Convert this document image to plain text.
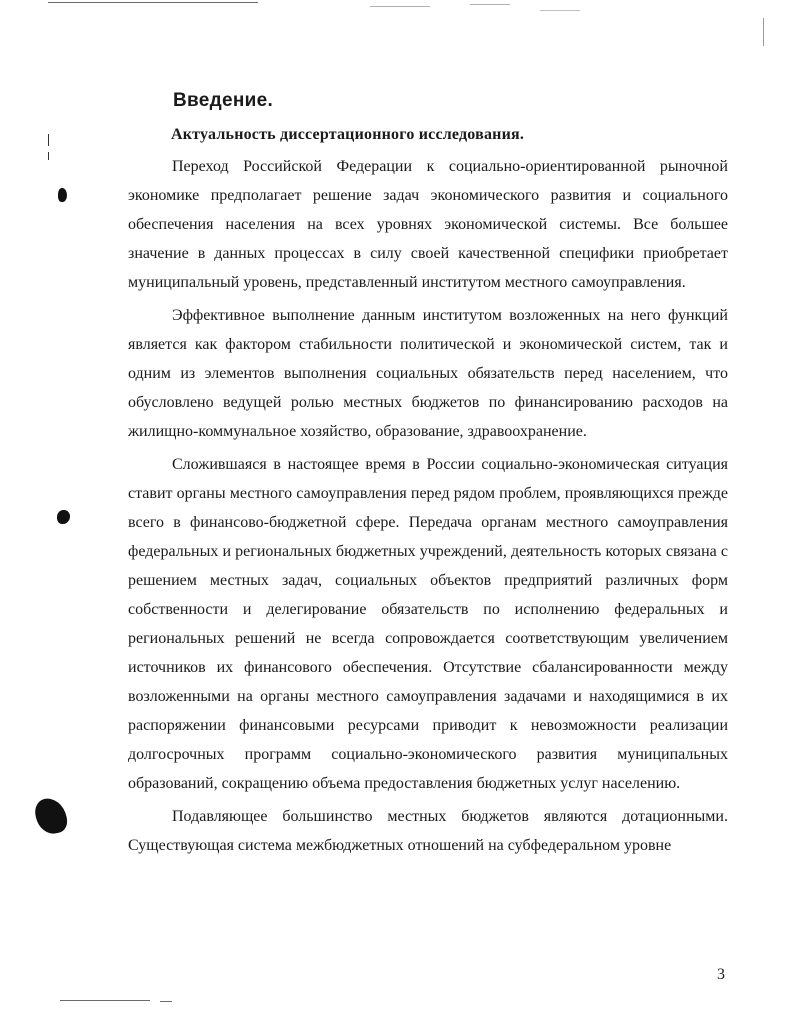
Введение.
Актуальность диссертационного исследования.

Переход Российской Федерации к социально-ориентированной рыночной экономике предполагает решение задач экономического развития и социального обеспечения населения на всех уровнях экономической системы. Все большее значение в данных процессах в силу своей качественной специфики приобретает муниципальный уровень, представленный институтом местного самоуправления.

Эффективное выполнение данным институтом возложенных на него функций является как фактором стабильности политической и экономической систем, так и одним из элементов выполнения социальных обязательств перед населением, что обусловлено ведущей ролью местных бюджетов по финансированию расходов на жилищно-коммунальное хозяйство, образование, здравоохранение.

Сложившаяся в настоящее время в России социально-экономическая ситуация ставит органы местного самоуправления перед рядом проблем, проявляющихся прежде всего в финансово-бюджетной сфере. Передача органам местного самоуправления федеральных и региональных бюджетных учреждений, деятельность которых связана с решением местных задач, социальных объектов предприятий различных форм собственности и делегирование обязательств по исполнению федеральных и региональных решений не всегда сопровождается соответствующим увеличением источников их финансового обеспечения. Отсутствие сбалансированности между возложенными на органы местного самоуправления задачами и находящимися в их распоряжении финансовыми ресурсами приводит к невозможности реализации долгосрочных программ социально-экономического развития муниципальных образований, сокращению объема предоставления бюджетных услуг населению.

Подавляющее большинство местных бюджетов являются дотационными. Существующая система межбюджетных отношений на субфедеральном уровне

3
